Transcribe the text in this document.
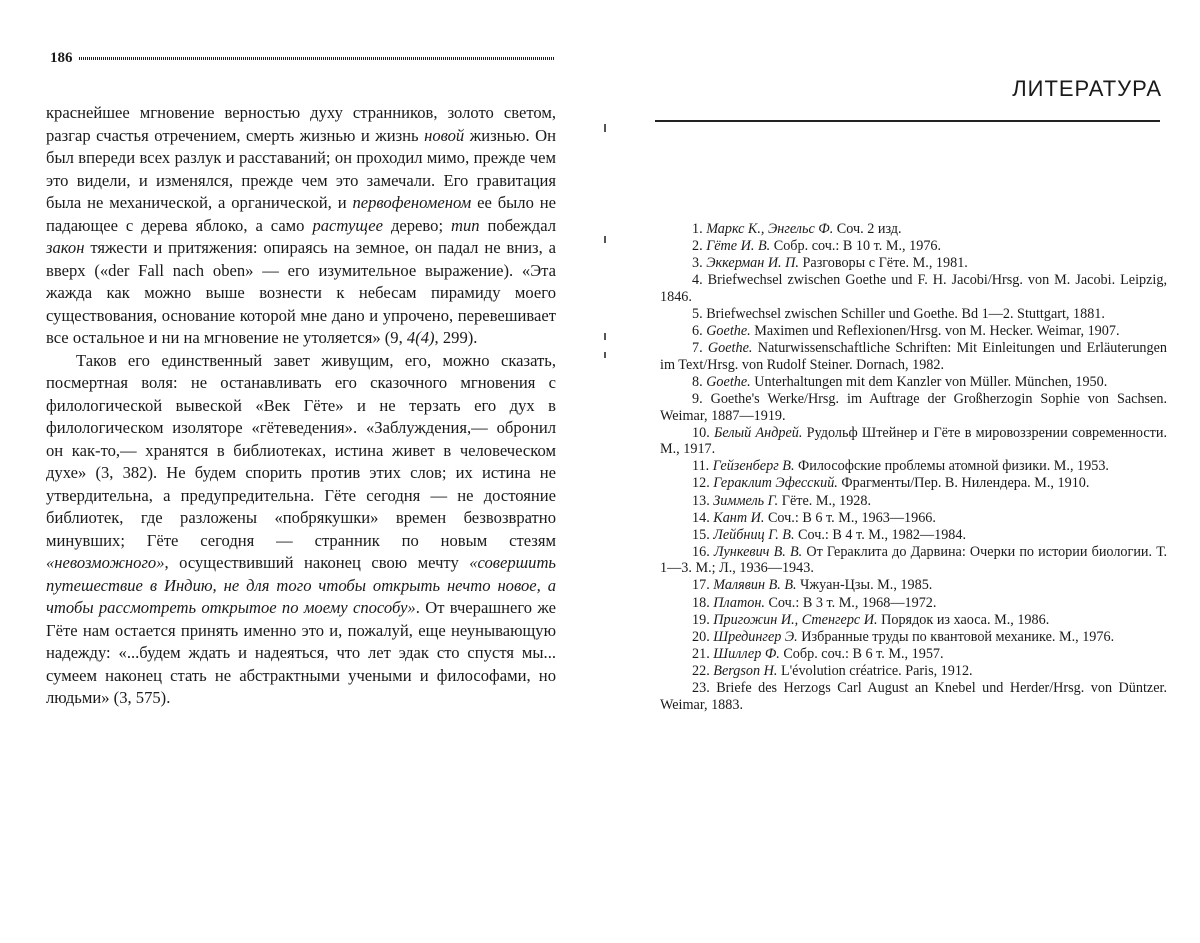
186

краснейшее мгновение верностью духу странников, золото светом, разгар счастья отречением, смерть жизнью и жизнь новой жизнью. Он был впереди всех разлук и расставаний; он проходил мимо, прежде чем это видели, и изменялся, прежде чем это замечали. Его гравитация была не механической, а органической, и первофеноменом ее было не падающее с дерева яблоко, а само растущее дерево; тип побеждал закон тяжести и притяжения: опираясь на земное, он падал не вниз, а вверх («der Fall nach oben» — его изумительное выражение). «Эта жажда как можно выше вознести к небесам пирамиду моего существования, основание которой мне дано и упрочено, перевешивает все остальное и ни на мгновение не утоляется» (9, 4(4), 299).

Таков его единственный завет живущим, его, можно сказать, посмертная воля: не останавливать его сказочного мгновения с филологической вывеской «Век Гёте» и не терзать его дух в филологическом изоляторе «гётеведения». «Заблуждения,— обронил он как-то,— хранятся в библиотеках, истина живет в человеческом духе» (3, 382). Не будем спорить против этих слов; их истина не утвердительна, а предупредительна. Гёте сегодня — не достояние библиотек, где разложены «побрякушки» времен безвозвратно минувших; Гёте сегодня — странник по новым стезям «невозможного», осуществивший наконец свою мечту «совершить путешествие в Индию, не для того чтобы открыть нечто новое, а чтобы рассмотреть открытое по моему способу». От вчерашнего же Гёте нам остается принять именно это и, пожалуй, еще неунывающую надежду: «...будем ждать и надеяться, что лет эдак сто спустя мы... сумеем наконец стать не абстрактными учеными и философами, но людьми» (3, 575).

ЛИТЕРАТУРА

1. Маркс К., Энгельс Ф. Соч. 2 изд.

2. Гёте И. В. Собр. соч.: В 10 т. М., 1976.

3. Эккерман И. П. Разговоры с Гёте. М., 1981.

4. Briefwechsel zwischen Goethe und F. H. Jacobi/Hrsg. von M. Jacobi. Leipzig, 1846.

5. Briefwechsel zwischen Schiller und Goethe. Bd 1—2. Stuttgart, 1881.

6. Goethe. Maximen und Reflexionen/Hrsg. von M. Hecker. Weimar, 1907.

7. Goethe. Naturwissenschaftliche Schriften: Mit Einleitungen und Erläuterungen im Text/Hrsg. von Rudolf Steiner. Dornach, 1982.

8. Goethe. Unterhaltungen mit dem Kanzler von Müller. München, 1950.

9. Goethe's Werke/Hrsg. im Auftrage der Großherzogin Sophie von Sachsen. Weimar, 1887—1919.

10. Белый Андрей. Рудольф Штейнер и Гёте в мировоззрении современности. М., 1917.

11. Гейзенберг В. Философские проблемы атомной физики. М., 1953.

12. Гераклит Эфесский. Фрагменты/Пер. В. Нилендера. М., 1910.

13. Зиммель Г. Гёте. М., 1928.

14. Кант И. Соч.: В 6 т. М., 1963—1966.

15. Лейбниц Г. В. Соч.: В 4 т. М., 1982—1984.

16. Лункевич В. В. От Гераклита до Дарвина: Очерки по истории биологии. Т. 1—3. М.; Л., 1936—1943.

17. Малявин В. В. Чжуан-Цзы. М., 1985.

18. Платон. Соч.: В 3 т. М., 1968—1972.

19. Пригожин И., Стенгерс И. Порядок из хаоса. М., 1986.

20. Шредингер Э. Избранные труды по квантовой механике. М., 1976.

21. Шиллер Ф. Собр. соч.: В 6 т. М., 1957.

22. Bergson H. L'évolution créatrice. Paris, 1912.

23. Briefe des Herzogs Carl August an Knebel und Herder/Hrsg. von Düntzer. Weimar, 1883.
